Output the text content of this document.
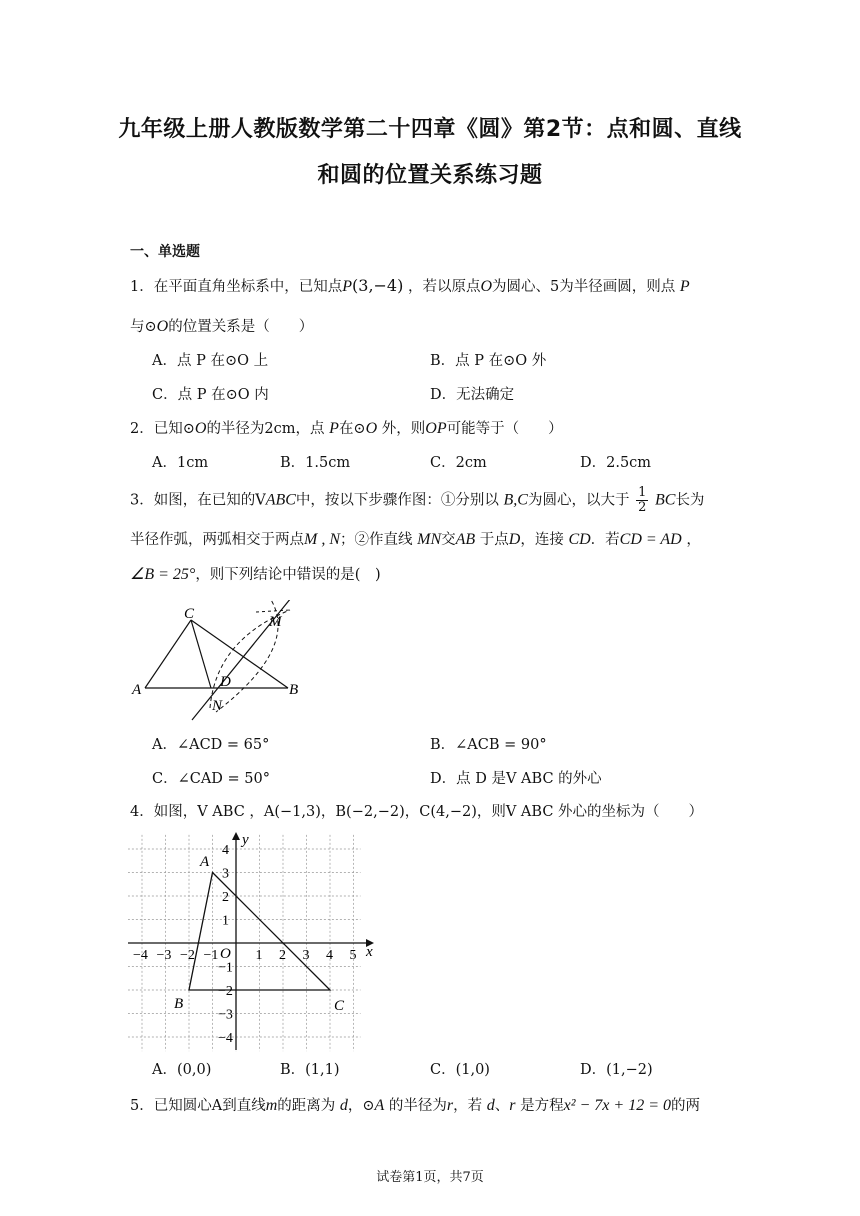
九年级上册人教版数学第二十四章《圆》第2节：点和圆、直线
和圆的位置关系练习题
一、单选题
1．在平面直角坐标系中，已知点P(3,−4) ，若以原点O为圆心、5为半径画圆，则点 P
与⊙O的位置关系是（　　）
A．点 P 在⊙O 上	B．点 P 在⊙O 外
C．点 P 在⊙O 内	D．无法确定
2．已知⊙O的半径为2cm，点 P在⊙O 外，则OP可能等于（　　）
A．1cm	B．1.5cm	C．2cm	D．2.5cm
3．如图，在已知的VABC中，按以下步骤作图：①分别以 B,C为圆心，以大于 $\frac{1}{2}$ BC长为
半径作弧，两弧相交于两点M , N；②作直线 MN交AB 于点D，连接 CD．若CD = AD ，
∠B = 25°，则下列结论中错误的是(　)
A	B
C
D
M
N
A．∠ACD = 65°	B．∠ACB = 90°
C．∠CAD = 50°	D．点 D 是V ABC 的外心
4．如图，V ABC ，A(−1,3)，B(−2,−2)，C(4,−2)，则V ABC 外心的坐标为（　　）
−4 −3 −2 −1	1 2 3 4 5
4
3
2
1
−1
−2
−3
−4
O	x
y
A
B	C
A．(0,0)	B．(1,1)	C．(1,0)	D．(1,−2)
5．已知圆心A到直线m的距离为 d，⊙A 的半径为r，若 d、r 是方程x² − 7x + 12 = 0的两
试卷第1页，共7页
